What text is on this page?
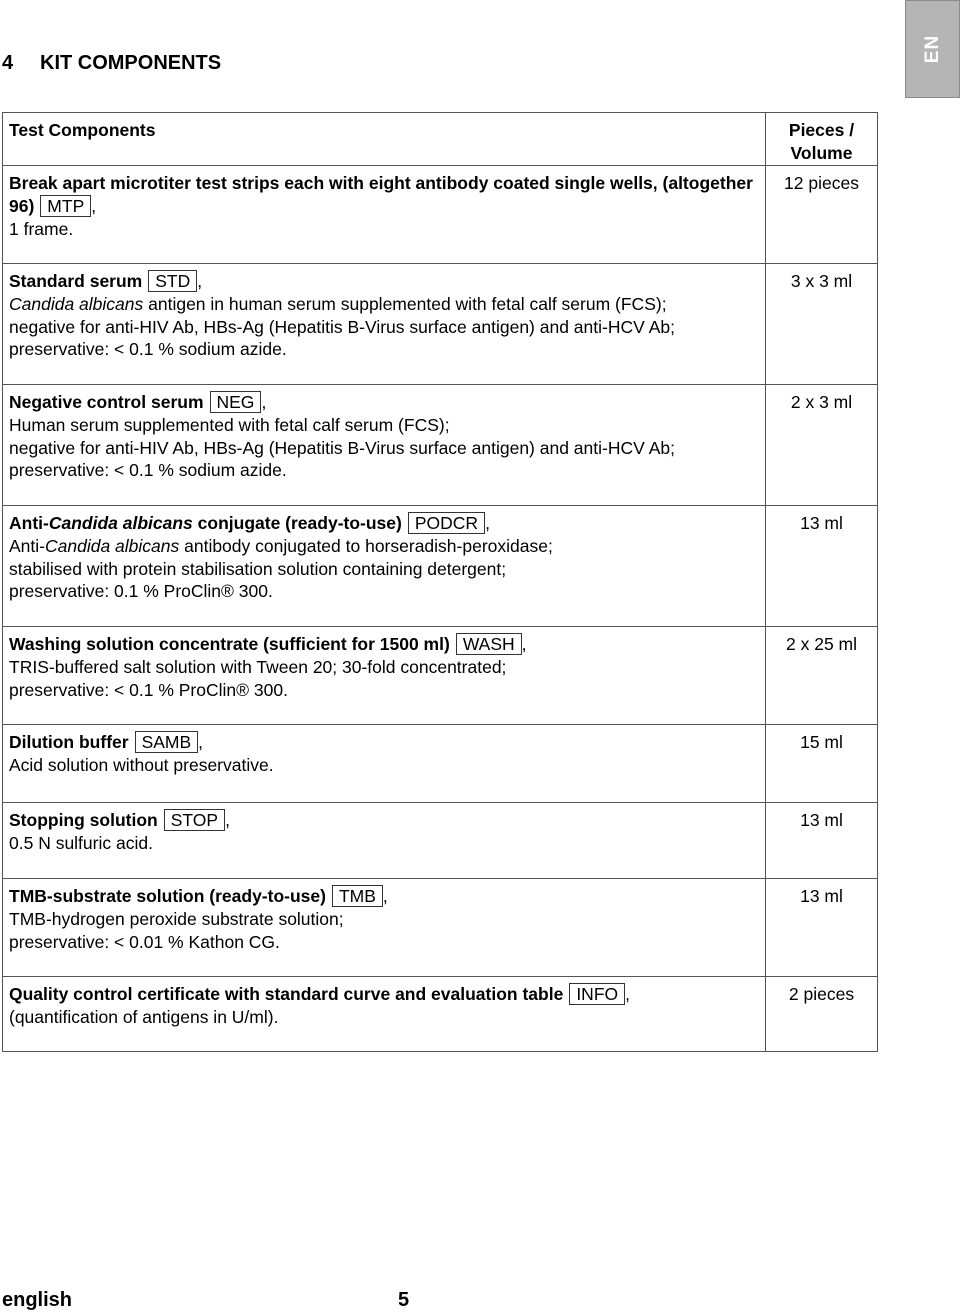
EN
4 KIT COMPONENTS
Test Components	Pieces /
Volume

Break apart microtiter test strips each with eight antibody coated single wells, (altogether 96) MTP ,
1 frame.	12 pieces
Standard serum STD ,
Candida albicans antigen in human serum supplemented with fetal calf serum (FCS);
negative for anti-HIV Ab, HBs-Ag (Hepatitis B-Virus surface antigen) and anti-HCV Ab;
preservative: < 0.1 % sodium azide.	3 x 3 ml
Negative control serum NEG ,
Human serum supplemented with fetal calf serum (FCS);
negative for anti-HIV Ab, HBs-Ag (Hepatitis B-Virus surface antigen) and anti-HCV Ab;
preservative: < 0.1 % sodium azide.	2 x 3 ml
Anti-Candida albicans conjugate (ready-to-use) PODCR ,
Anti-Candida albicans antibody conjugated to horseradish-peroxidase;
stabilised with protein stabilisation solution containing detergent;
preservative: 0.1 % ProClin® 300.	13 ml
Washing solution concentrate (sufficient for 1500 ml) WASH ,
TRIS-buffered salt solution with Tween 20; 30-fold concentrated;
preservative: < 0.1 % ProClin® 300.	2 x 25 ml
Dilution buffer SAMB ,
Acid solution without preservative.	15 ml
Stopping solution STOP ,
0.5 N sulfuric acid.	13 ml
TMB-substrate solution (ready-to-use) TMB ,
TMB-hydrogen peroxide substrate solution;
preservative: < 0.01 % Kathon CG.	13 ml
Quality control certificate with standard curve and evaluation table INFO ,
(quantification of antigens in U/ml).	2 pieces
english	5
